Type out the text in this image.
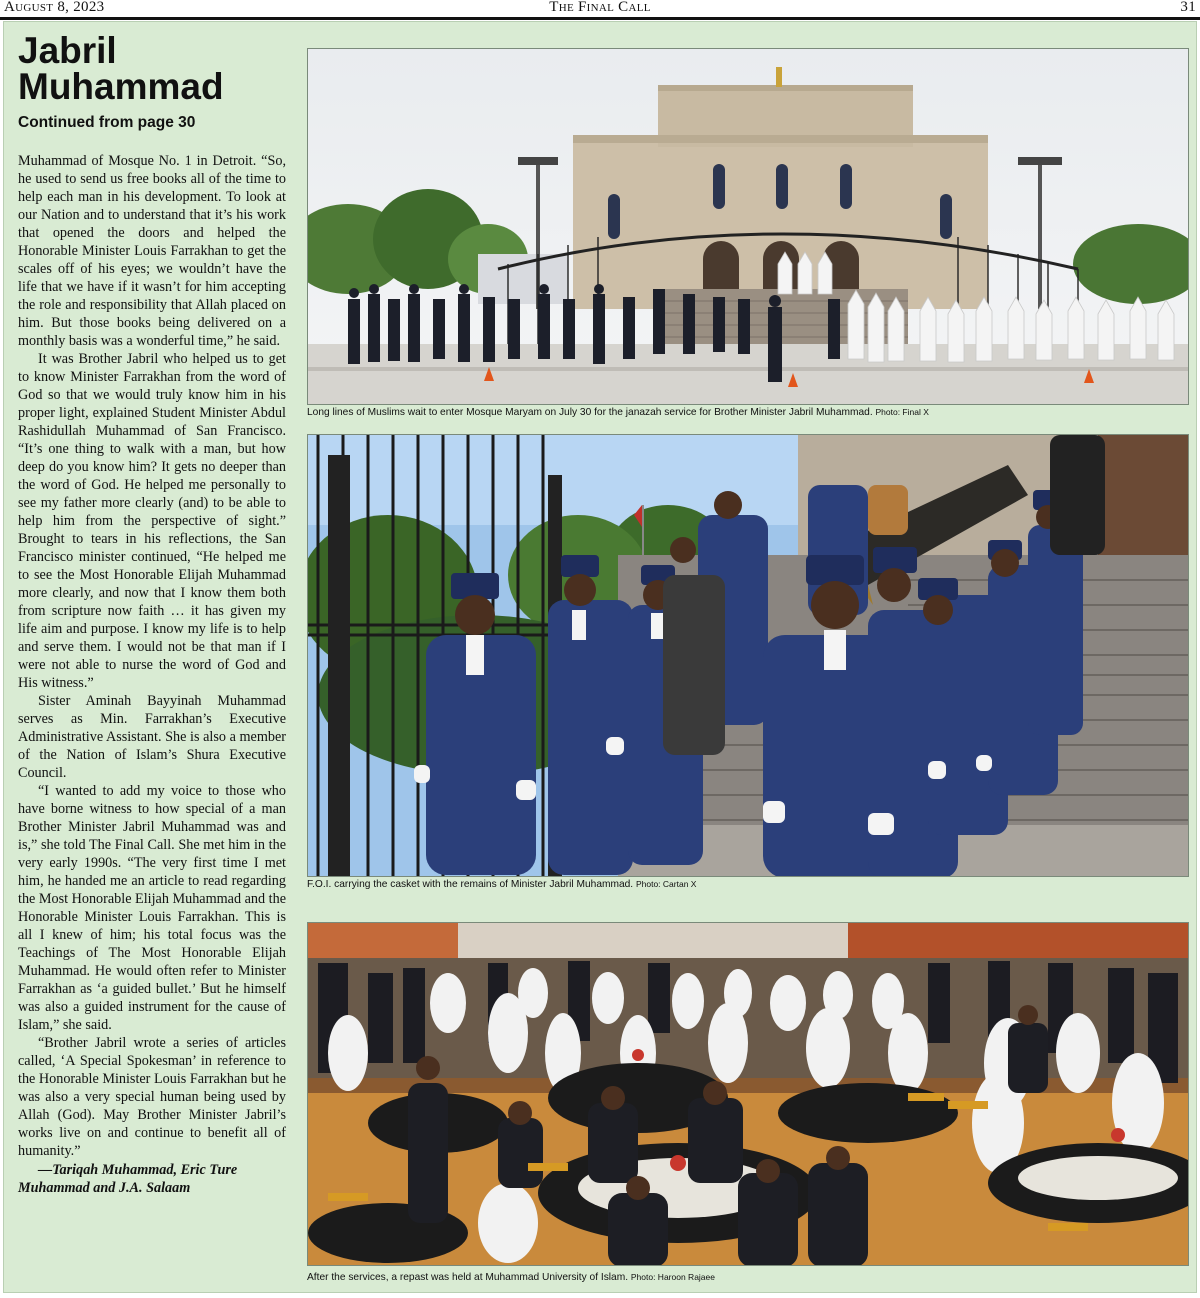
August 8, 2023	The Final Call	31
Jabril Muhammad
Continued from page 30

Muhammad of Mosque No. 1 in Detroit. “So, he used to send us free books all of the time to help each man in his development. To look at our Nation and to understand that it’s his work that opened the doors and helped the Honorable Minister Louis Farrakhan to get the scales off of his eyes; we wouldn’t have the life that we have if it wasn’t for him accepting the role and responsibility that Allah placed on him. But those books being delivered on a monthly basis was a wonderful time,” he said.

It was Brother Jabril who helped us to get to know Minister Farrakhan from the word of God so that we would truly know him in his proper light, explained Student Minister Abdul Rashidullah Muhammad of San Francisco. “It’s one thing to walk with a man, but how deep do you know him? It gets no deeper than the word of God. He helped me personally to see my father more clearly (and) to be able to help him from the perspective of sight.” Brought to tears in his reflections, the San Francisco minister continued, “He helped me to see the Most Honorable Elijah Muhammad more clearly, and now that I know them both from scripture now faith … it has given my life aim and purpose. I know my life is to help and serve them. I would not be that man if I were not able to nurse the word of God and His witness.”

Sister Aminah Bayyinah Muhammad serves as Min. Farrakhan’s Executive Administrative Assistant. She is also a member of the Nation of Islam’s Shura Executive Council.

“I wanted to add my voice to those who have borne witness to how special of a man Brother Minister Jabril Muhammad was and is,” she told The Final Call. She met him in the very early 1990s. “The very first time I met him, he handed me an article to read regarding the Most Honorable Elijah Muhammad and the Honorable Minister Louis Farrakhan. This is all I knew of him; his total focus was the Teachings of The Most Honorable Elijah Muhammad. He would often refer to Minister Farrakhan as ‘a guided bullet.’ But he himself was also a guided instrument for the cause of Islam,” she said.

“Brother Jabril wrote a series of articles called, ‘A Special Spokesman’ in reference to the Honorable Minister Louis Farrakhan but he was also a very special human being used by Allah (God). May Brother Minister Jabril’s works live on and continue to benefit all of humanity.”

—Tariqah Muhammad, Eric Ture Muhammad and J.A. Salaam

Long lines of Muslims wait to enter Mosque Maryam on July 30 for the janazah service for Brother Minister Jabril Muhammad. Photo: Final X
F.O.I. carrying the casket with the remains of Minister Jabril Muhammad. Photo: Cartan X
After the services, a repast was held at Muhammad University of Islam. Photo: Haroon Rajaee
